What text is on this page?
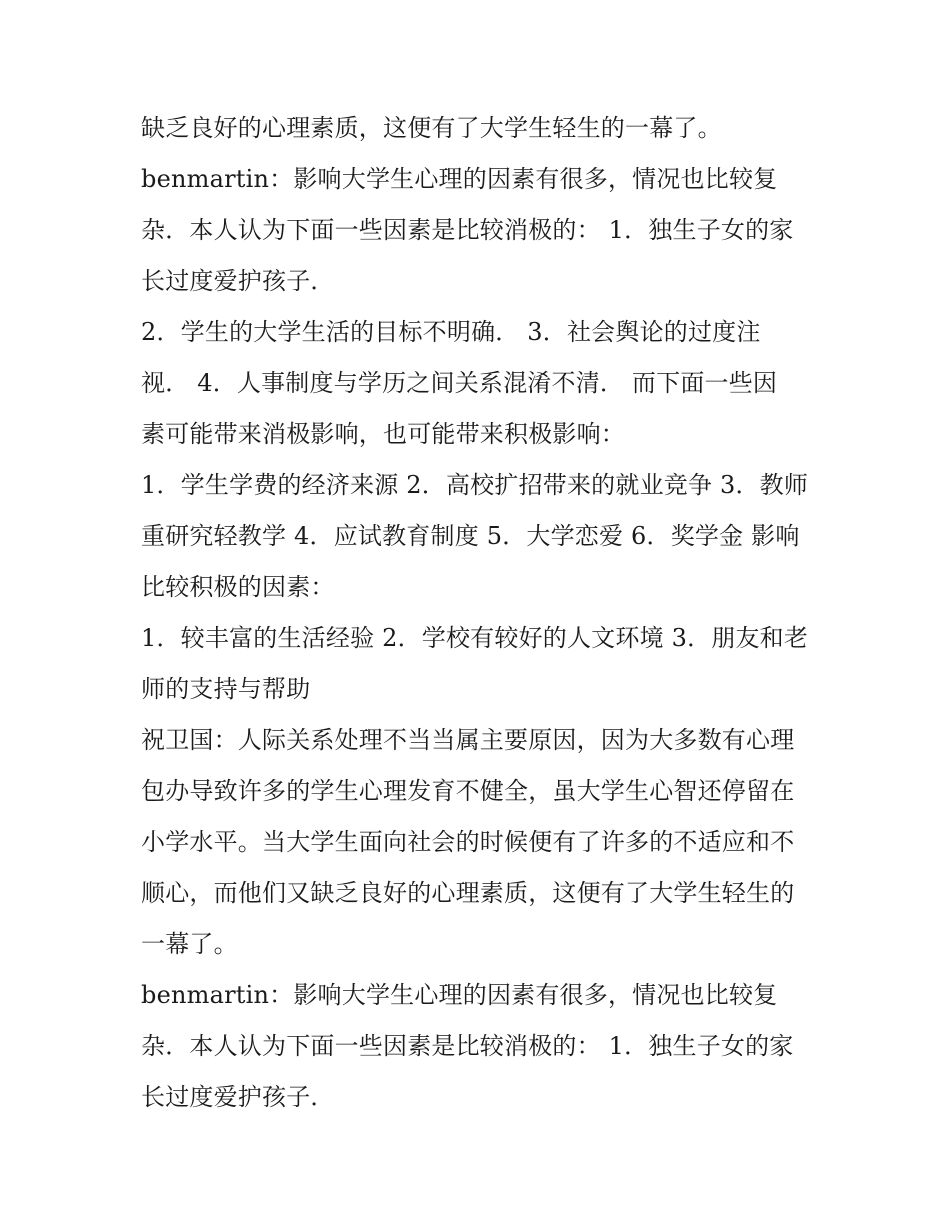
缺乏良好的心理素质，这便有了大学生轻生的一幕了。
benmartin：影响大学生心理的因素有很多，情况也比较复
杂．本人认为下面一些因素是比较消极的： 1．独生子女的家
长过度爱护孩子．
2．学生的大学生活的目标不明确． 3．社会舆论的过度注
视． 4．人事制度与学历之间关系混淆不清． 而下面一些因
素可能带来消极影响，也可能带来积极影响：
1．学生学费的经济来源 2．高校扩招带来的就业竞争 3．教师
重研究轻教学 4．应试教育制度 5．大学恋爱 6．奖学金 影响
比较积极的因素：
1．较丰富的生活经验 2．学校有较好的人文环境 3．朋友和老
师的支持与帮助
祝卫国：人际关系处理不当当属主要原因，因为大多数有心理
包办导致许多的学生心理发育不健全，虽大学生心智还停留在
小学水平。当大学生面向社会的时候便有了许多的不适应和不
顺心，而他们又缺乏良好的心理素质，这便有了大学生轻生的
一幕了。
benmartin：影响大学生心理的因素有很多，情况也比较复
杂．本人认为下面一些因素是比较消极的： 1．独生子女的家
长过度爱护孩子．
